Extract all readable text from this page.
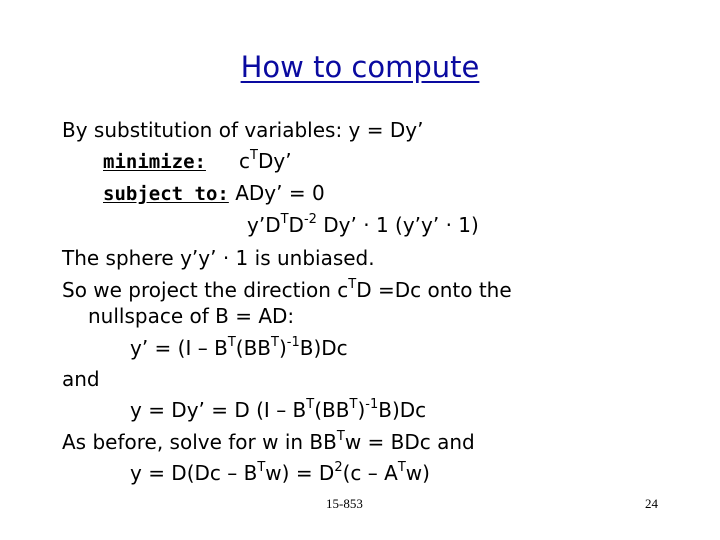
How to compute
By substitution of variables: y = Dy’
minimize: $c^TDy$’
subject to: ADy’ = 0
$y’D^TD^{-2}$ Dy’ · 1 (y’y’ · 1)
The sphere y’y’ · 1 is unbiased.
So we project the direction $c^TD =Dc$ onto the
nullspace of B = AD:
y’ = $(I - B^T(BB^T)^{-1}B)Dc$
and
y = Dy’ = D $(I - B^T(BB^T)^{-1}B)Dc$
As before, solve for w in $BB^Tw$ = BDc and
$y = D(Dc - B^Tw) = D^2(c - A^Tw)$
15-853	24
